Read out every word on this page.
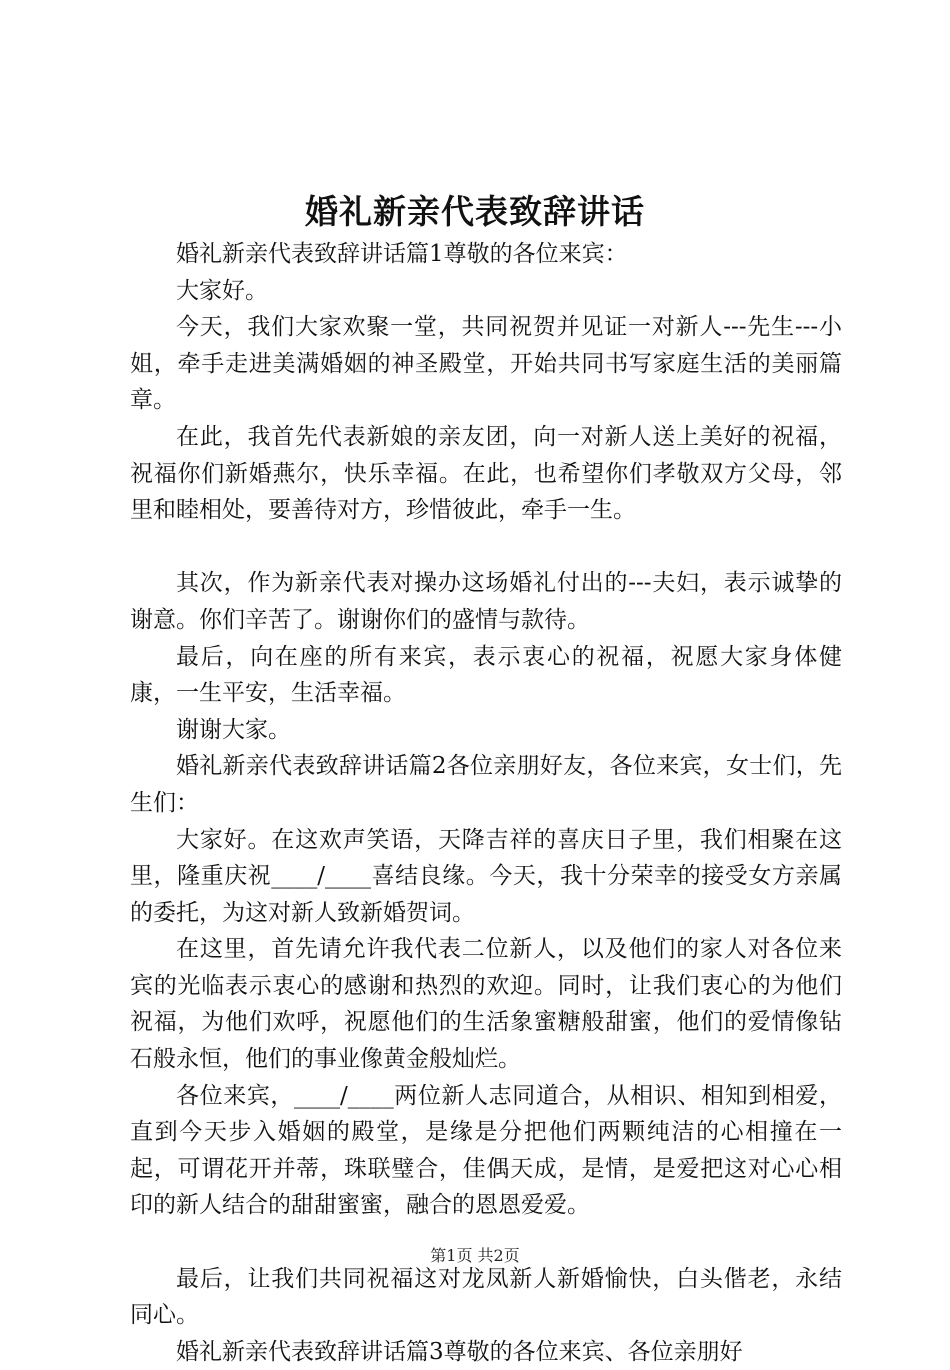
婚礼新亲代表致辞讲话

婚礼新亲代表致辞讲话篇1尊敬的各位来宾：

大家好。

今天，我们大家欢聚一堂，共同祝贺并见证一对新人---先生---小姐，牵手走进美满婚姻的神圣殿堂，开始共同书写家庭生活的美丽篇章。

在此，我首先代表新娘的亲友团，向一对新人送上美好的祝福，祝福你们新婚燕尔，快乐幸福。在此，也希望你们孝敬双方父母，邻里和睦相处，要善待对方，珍惜彼此，牵手一生。

其次，作为新亲代表对操办这场婚礼付出的---夫妇，表示诚挚的谢意。你们辛苦了。谢谢你们的盛情与款待。

最后，向在座的所有来宾，表示衷心的祝福，祝愿大家身体健康，一生平安，生活幸福。

谢谢大家。

婚礼新亲代表致辞讲话篇2各位亲朋好友，各位来宾，女士们，先生们：

大家好。在这欢声笑语，天降吉祥的喜庆日子里，我们相聚在这里，隆重庆祝____/____喜结良缘。今天，我十分荣幸的接受女方亲属的委托，为这对新人致新婚贺词。

在这里，首先请允许我代表二位新人，以及他们的家人对各位来宾的光临表示衷心的感谢和热烈的欢迎。同时，让我们衷心的为他们祝福，为他们欢呼，祝愿他们的生活象蜜糖般甜蜜，他们的爱情像钻石般永恒，他们的事业像黄金般灿烂。

各位来宾，____/____两位新人志同道合，从相识、相知到相爱，直到今天步入婚姻的殿堂，是缘是分把他们两颗纯洁的心相撞在一起，可谓花开并蒂，珠联璧合，佳偶天成，是情，是爱把这对心心相印的新人结合的甜甜蜜蜜，融合的恩恩爱爱。

最后，让我们共同祝福这对龙凤新人新婚愉快，白头偕老，永结同心。

婚礼新亲代表致辞讲话篇3尊敬的各位来宾、各位亲朋好

第1页 共2页
